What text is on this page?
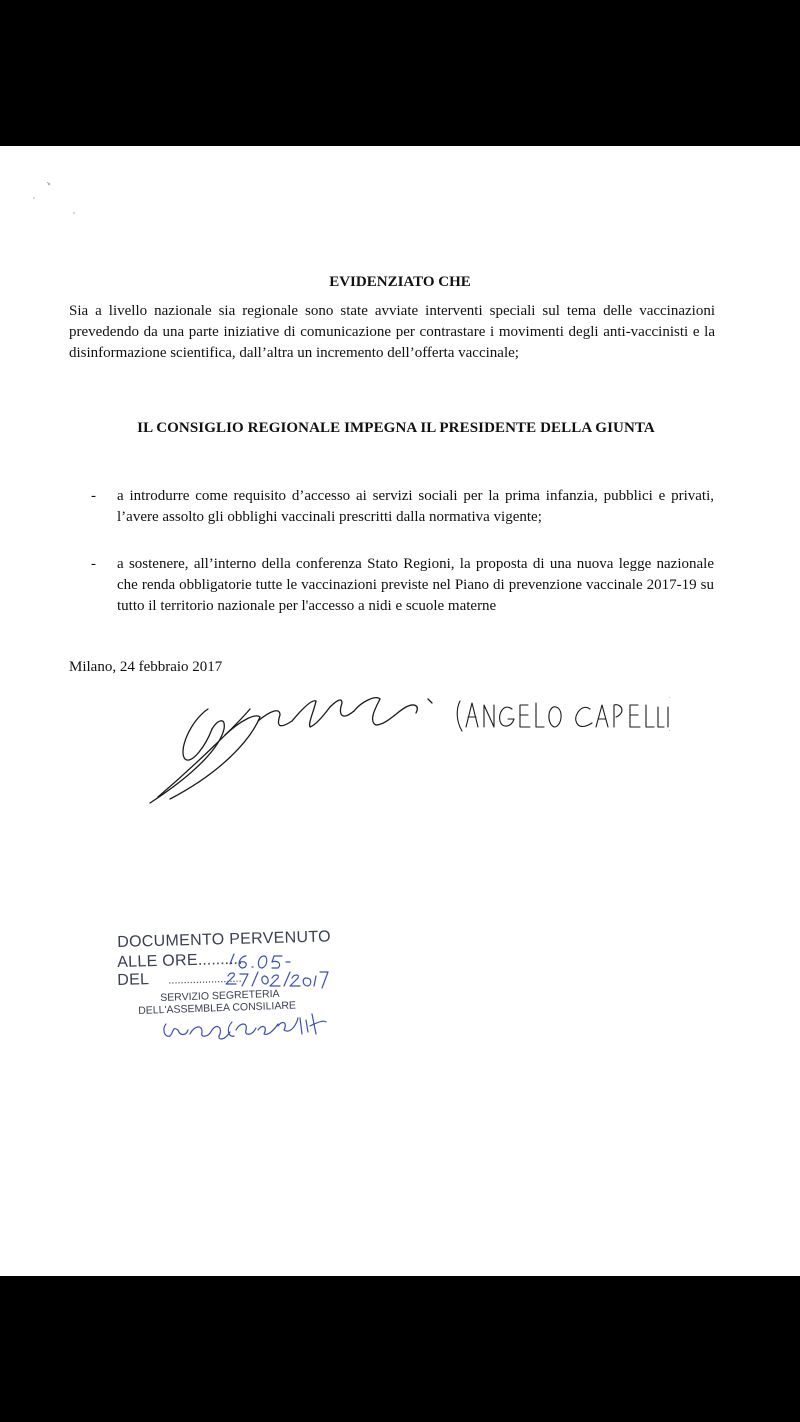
EVIDENZIATO CHE
Sia a livello nazionale sia regionale sono state avviate interventi speciali sul tema delle vaccinazioni prevedendo da una parte iniziative di comunicazione per contrastare i movimenti degli anti-vaccinisti e la disinformazione scientifica, dall’altra un incremento dell’offerta vaccinale;
IL CONSIGLIO REGIONALE IMPEGNA IL PRESIDENTE DELLA GIUNTA
-	a introdurre come requisito d’accesso ai servizi sociali per la prima infanzia, pubblici e privati, l’avere assolto gli obblighi vaccinali prescritti dalla normativa vigente;
-	a sostenere, all’interno della conferenza Stato Regioni, la proposta di una nuova legge nazionale che renda obbligatorie tutte le vaccinazioni previste nel Piano di prevenzione vaccinale 2017-19 su tutto il territorio nazionale per l'accesso a nidi e scuole materne
Milano, 24 febbraio 2017
DOCUMENTO PERVENUTO
ALLE ORE..........
DEL ........................
SERVIZIO SEGRETERIA
DELL'ASSEMBLEA CONSILIARE
